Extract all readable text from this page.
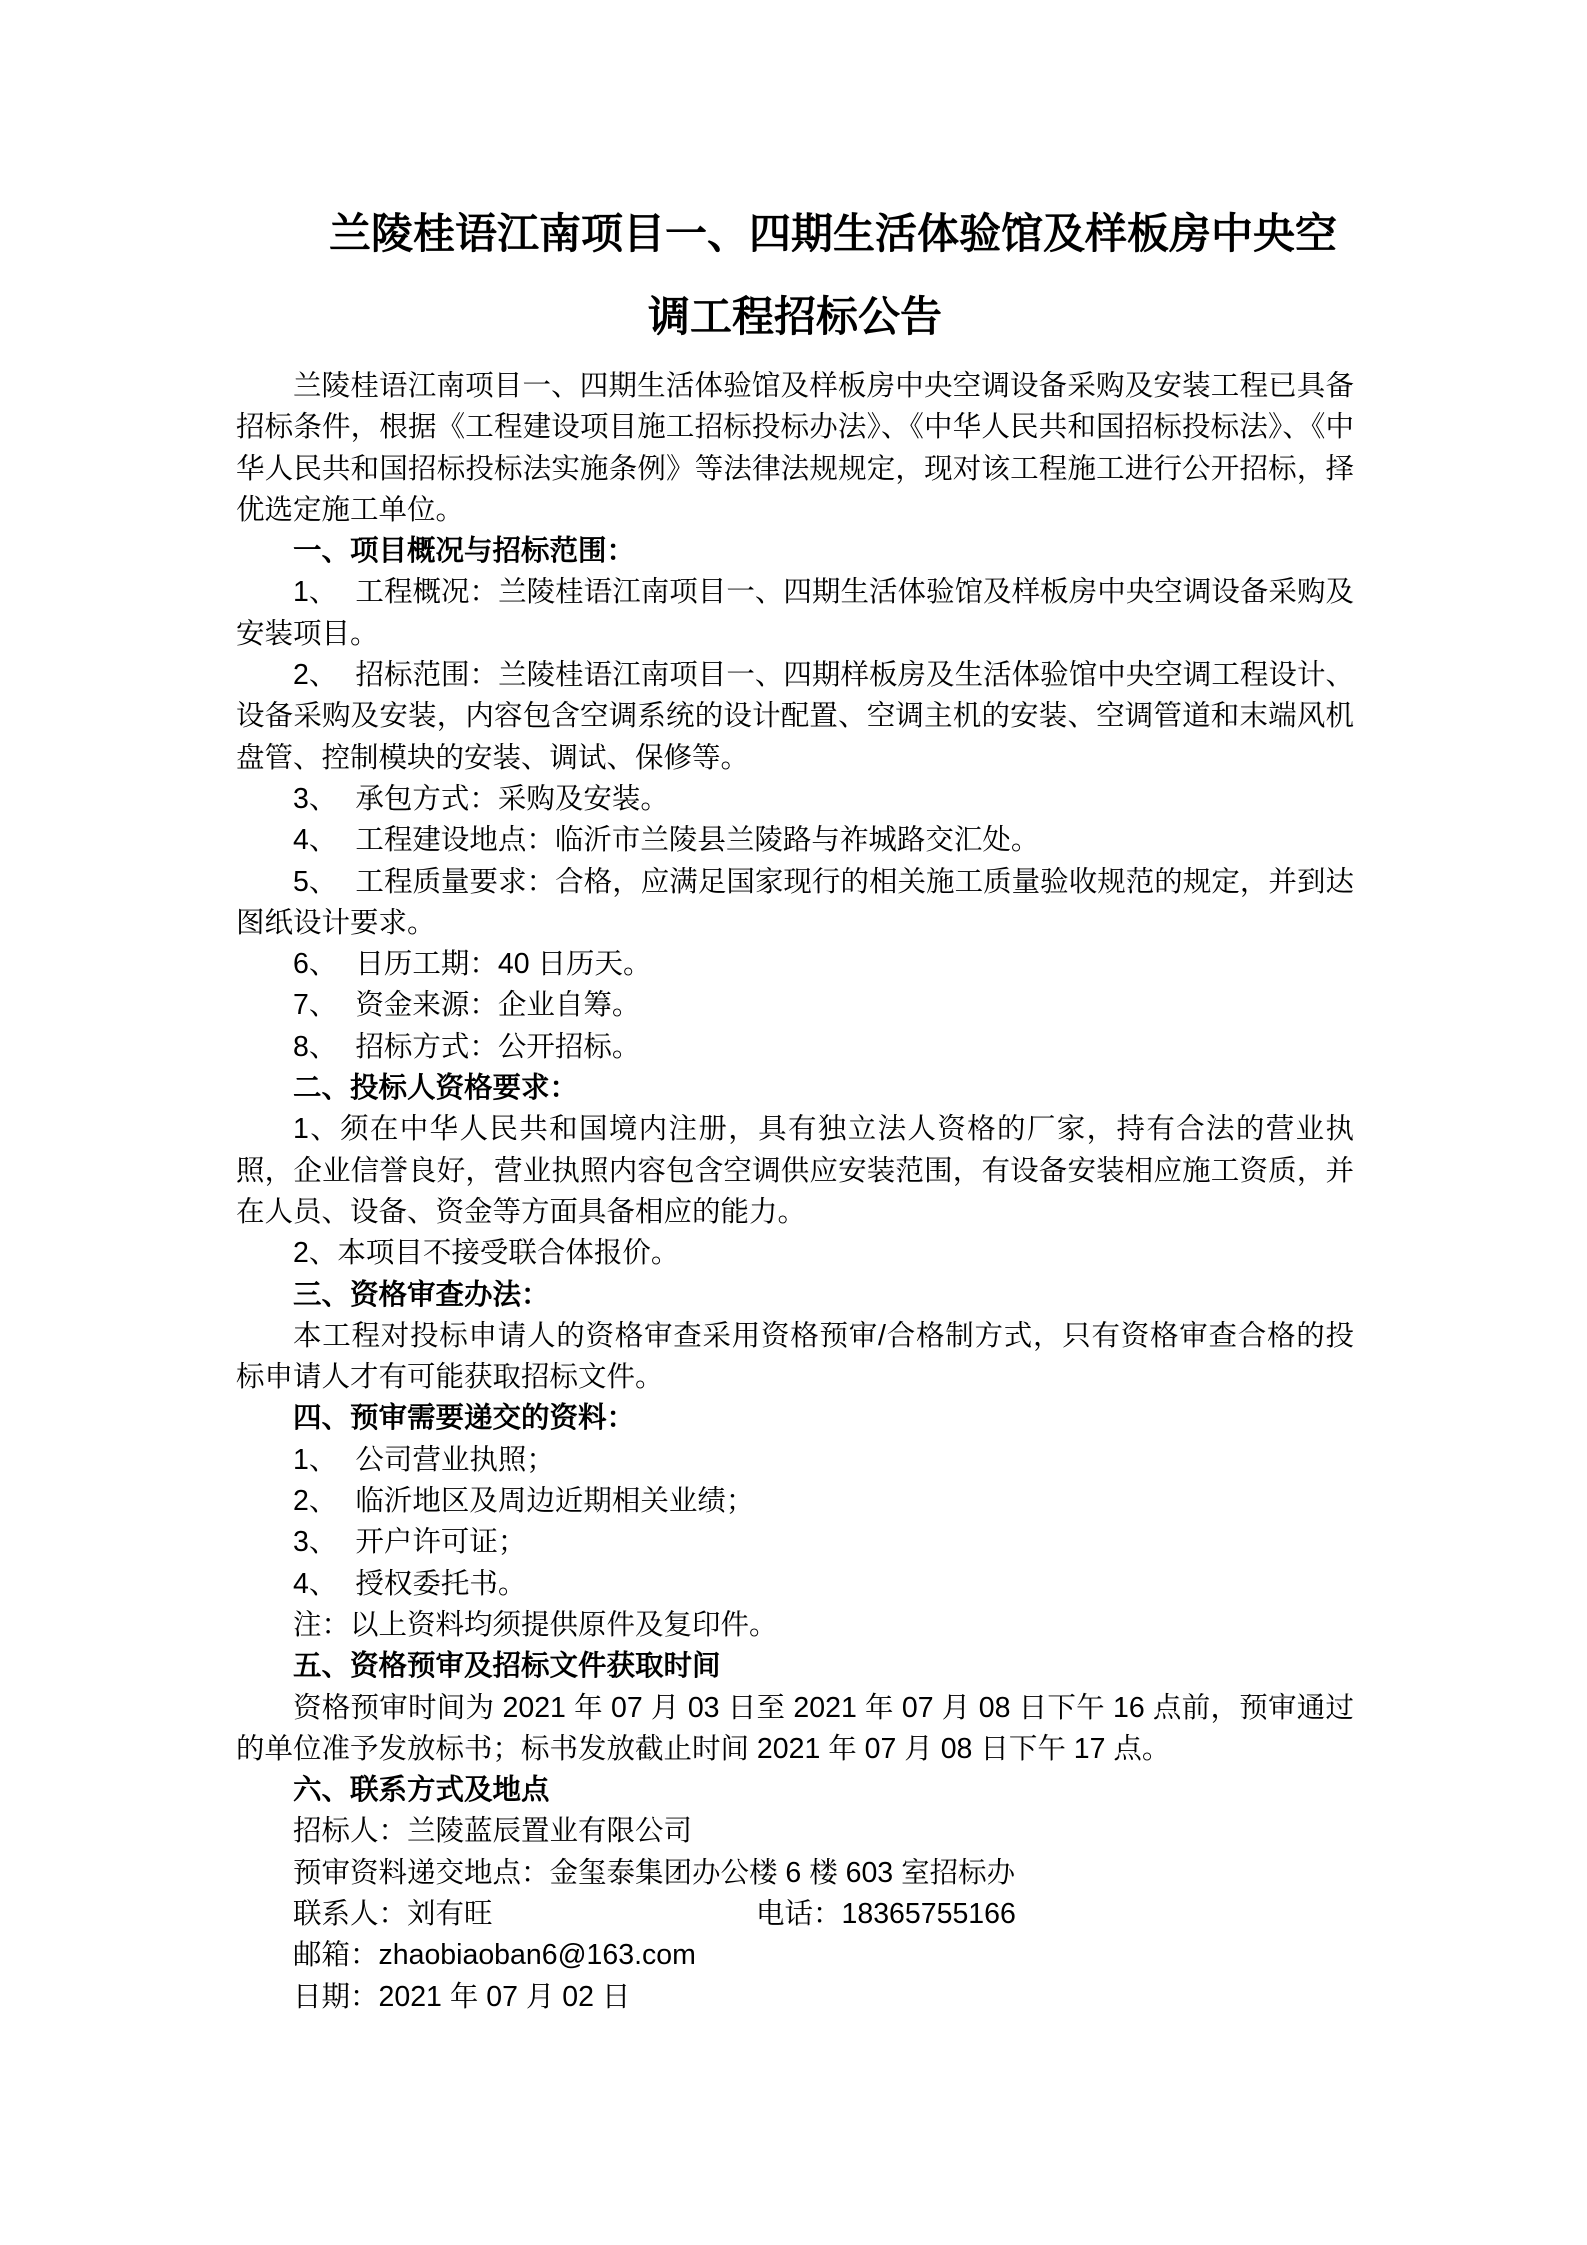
兰陵桂语江南项目一、四期生活体验馆及样板房中央空
调工程招标公告

兰陵桂语江南项目一、四期生活体验馆及样板房中央空调设备采购及安装工程已具备招标条件，根据《工程建设项目施工招标投标办法》、《中华人民共和国招标投标法》、《中华人民共和国招标投标法实施条例》等法律法规规定，现对该工程施工进行公开招标，择优选定施工单位。

一、项目概况与招标范围：

1、 工程概况：兰陵桂语江南项目一、四期生活体验馆及样板房中央空调设备采购及安装项目。

2、 招标范围：兰陵桂语江南项目一、四期样板房及生活体验馆中央空调工程设计、设备采购及安装，内容包含空调系统的设计配置、空调主机的安装、空调管道和末端风机盘管、控制模块的安装、调试、保修等。

3、 承包方式：采购及安装。

4、 工程建设地点：临沂市兰陵县兰陵路与祚城路交汇处。

5、 工程质量要求：合格，应满足国家现行的相关施工质量验收规范的规定，并到达图纸设计要求。

6、 日历工期：40 日历天。

7、 资金来源：企业自筹。

8、 招标方式：公开招标。

二、投标人资格要求：

1、须在中华人民共和国境内注册，具有独立法人资格的厂家，持有合法的营业执照，企业信誉良好，营业执照内容包含空调供应安装范围，有设备安装相应施工资质，并在人员、设备、资金等方面具备相应的能力。

2、本项目不接受联合体报价。

三、资格审查办法：

本工程对投标申请人的资格审查采用资格预审/合格制方式，只有资格审查合格的投标申请人才有可能获取招标文件。

四、预审需要递交的资料：

1、 公司营业执照；

2、 临沂地区及周边近期相关业绩；

3、 开户许可证；

4、 授权委托书。

注：以上资料均须提供原件及复印件。

五、资格预审及招标文件获取时间

资格预审时间为 2021 年 07 月 03 日至 2021 年 07 月 08 日下午 16 点前，预审通过的单位准予发放标书；标书发放截止时间 2021 年 07 月 08 日下午 17 点。

六、联系方式及地点

招标人：兰陵蓝辰置业有限公司

预审资料递交地点：金玺泰集团办公楼 6 楼 603 室招标办

联系人：刘有旺	电话：18365755166

邮箱：zhaobiaoban6@163.com

日期：2021 年 07 月 02 日
